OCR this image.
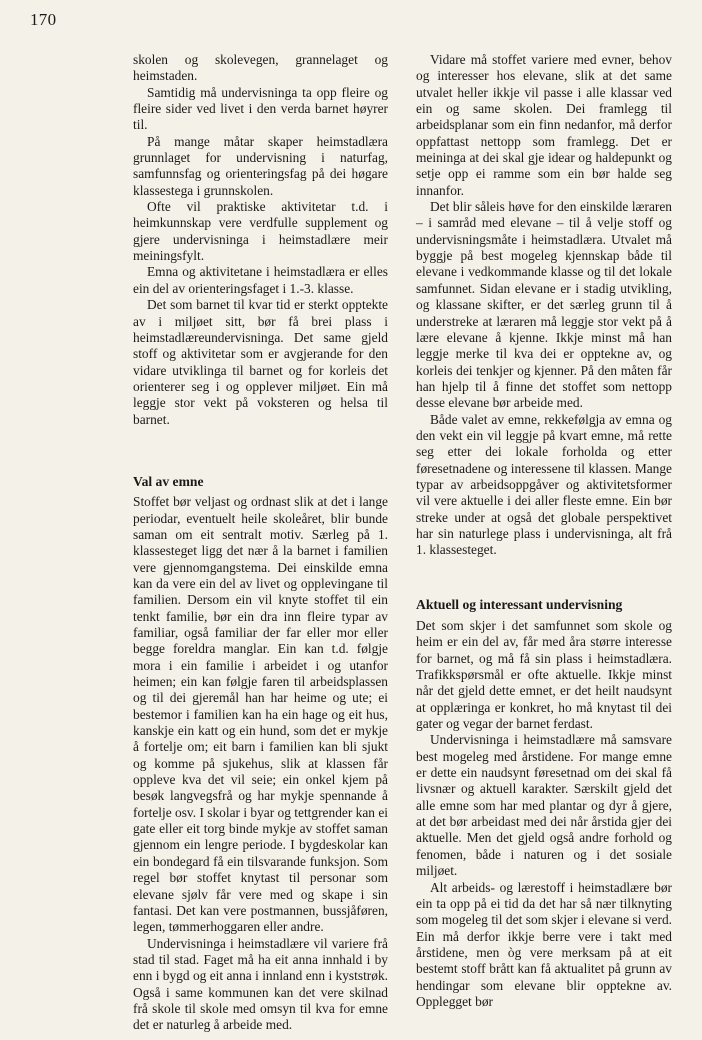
170

skolen og skolevegen, grannelaget og heimstaden.

Samtidig må undervisninga ta opp fleire og fleire sider ved livet i den verda barnet høyrer til.

På mange måtar skaper heimstadlæra grunnlaget for undervisning i naturfag, samfunnsfag og orienteringsfag på dei høgare klassestega i grunnskolen.

Ofte vil praktiske aktivitetar t.d. i heimkunnskap vere verdfulle supplement og gjere undervisninga i heimstadlære meir meiningsfylt.

Emna og aktivitetane i heimstadlæra er elles ein del av orienteringsfaget i 1.-3. klasse.

Det som barnet til kvar tid er sterkt opptekte av i miljøet sitt, bør få brei plass i heimstadlæreundervisninga. Det same gjeld stoff og aktivitetar som er avgjerande for den vidare utviklinga til barnet og for korleis det orienterer seg i og opplever miljøet. Ein må leggje stor vekt på voksteren og helsa til barnet.

Val av emne

Stoffet bør veljast og ordnast slik at det i lange periodar, eventuelt heile skoleåret, blir bunde saman om eit sentralt motiv. Særleg på 1. klassesteget ligg det nær å la barnet i familien vere gjennomgangstema. Dei einskilde emna kan da vere ein del av livet og opplevingane til familien. Dersom ein vil knyte stoffet til ein tenkt familie, bør ein dra inn fleire typar av familiar, også familiar der far eller mor eller begge foreldra manglar. Ein kan t.d. følgje mora i ein familie i arbeidet i og utanfor heimen; ein kan følgje faren til arbeidsplassen og til dei gjeremål han har heime og ute; ei bestemor i familien kan ha ein hage og eit hus, kanskje ein katt og ein hund, som det er mykje å fortelje om; eit barn i familien kan bli sjukt og komme på sjukehus, slik at klassen får oppleve kva det vil seie; ein onkel kjem på besøk langvegsfrå og har mykje spennande å fortelje osv. I skolar i byar og tettgrender kan ei gate eller eit torg binde mykje av stoffet saman gjennom ein lengre periode. I bygdeskolar kan ein bondegard få ein tilsvarande funksjon. Som regel bør stoffet knytast til personar som elevane sjølv får vere med og skape i sin fantasi. Det kan vere postmannen, bussjåføren, legen, tømmerhoggaren eller andre.

Undervisninga i heimstadlære vil variere frå stad til stad. Faget må ha eit anna innhald i by enn i bygd og eit anna i innland enn i kyststrøk. Også i same kommunen kan det vere skilnad frå skole til skole med omsyn til kva for emne det er naturleg å arbeide med.

Vidare må stoffet variere med evner, behov og interesser hos elevane, slik at det same utvalet heller ikkje vil passe i alle klassar ved ein og same skolen. Dei framlegg til arbeidsplanar som ein finn nedanfor, må derfor oppfattast nettopp som framlegg. Det er meininga at dei skal gje idear og haldepunkt og setje opp ei ramme som ein bør halde seg innanfor.

Det blir såleis høve for den einskilde læraren – i samråd med elevane – til å velje stoff og undervisningsmåte i heimstadlæra. Utvalet må byggje på best mogeleg kjennskap både til elevane i vedkommande klasse og til det lokale samfunnet. Sidan elevane er i stadig utvikling, og klassane skifter, er det særleg grunn til å understreke at læraren må leggje stor vekt på å lære elevane å kjenne. Ikkje minst må han leggje merke til kva dei er opptekne av, og korleis dei tenkjer og kjenner. På den måten får han hjelp til å finne det stoffet som nettopp desse elevane bør arbeide med.

Både valet av emne, rekkefølgja av emna og den vekt ein vil leggje på kvart emne, må rette seg etter dei lokale forholda og etter føresetnadene og interessene til klassen. Mange typar av arbeidsoppgåver og aktivitetsformer vil vere aktuelle i dei aller fleste emne. Ein bør streke under at også det globale perspektivet har sin naturlege plass i undervisninga, alt frå 1. klassesteget.

Aktuell og interessant undervisning

Det som skjer i det samfunnet som skole og heim er ein del av, får med åra større interesse for barnet, og må få sin plass i heimstadlæra. Trafikkspørsmål er ofte aktuelle. Ikkje minst når det gjeld dette emnet, er det heilt naudsynt at opplæringa er konkret, ho må knytast til dei gater og vegar der barnet ferdast.

Undervisninga i heimstadlære må samsvare best mogeleg med årstidene. For mange emne er dette ein naudsynt føresetnad om dei skal få livsnær og aktuell karakter. Særskilt gjeld det alle emne som har med plantar og dyr å gjere, at det bør arbeidast med dei når årstida gjer dei aktuelle. Men det gjeld også andre forhold og fenomen, både i naturen og i det sosiale miljøet.

Alt arbeids- og lærestoff i heimstadlære bør ein ta opp på ei tid da det har så nær tilknyting som mogeleg til det som skjer i elevane si verd. Ein må derfor ikkje berre vere i takt med årstidene, men òg vere merksam på at eit bestemt stoff brått kan få aktualitet på grunn av hendingar som elevane blir opptekne av. Opplegget bør
